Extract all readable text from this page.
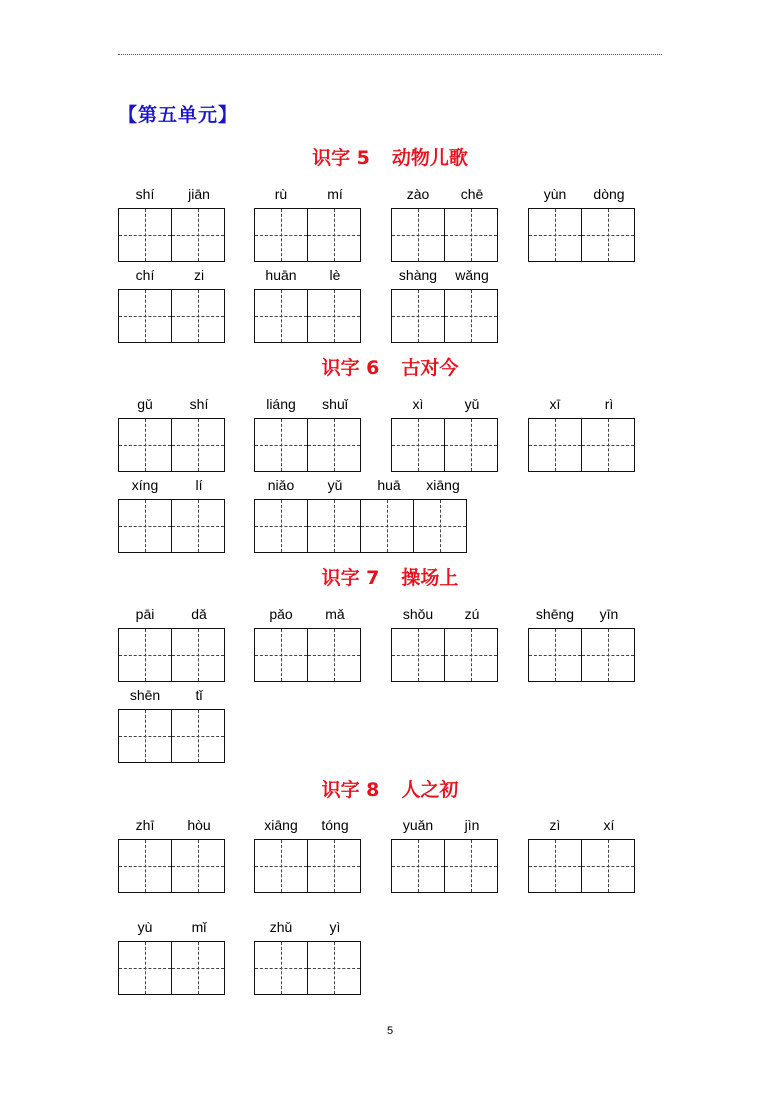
【第五单元】
识字 5 动物儿歌
shí	jiān	rù	mí	zào	chē	yùn	dòng
chí	zi	huān	lè	shàng	wǎng
识字 6 古对今
gǔ	shí	liáng	shuǐ	xì	yǔ	xī	rì
xíng	lí	niǎo	yǔ	huā	xiāng
识字 7 操场上
pāi	dǎ	pǎo	mǎ	shǒu	zú	shēng	yīn
shēn	tǐ
识字 8 人之初
zhī	hòu	xiāng	tóng	yuǎn	jìn	zì	xí
yù	mǐ	zhǔ	yì
5
